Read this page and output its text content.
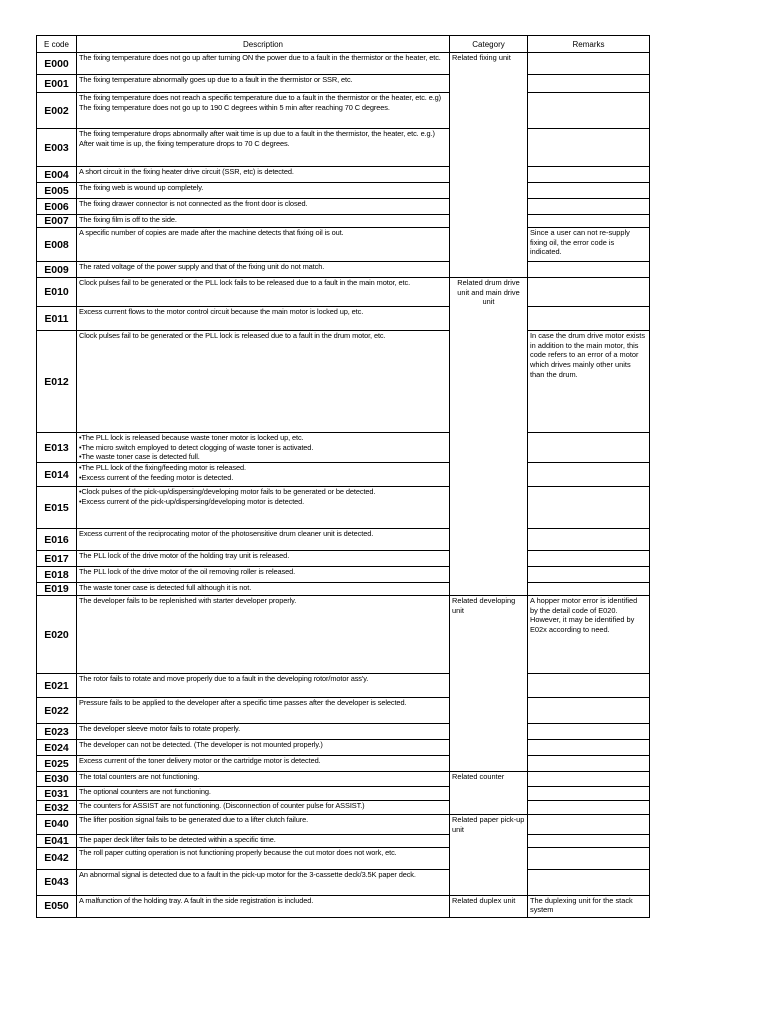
E code	Description	Category	Remarks
E000	The fixing temperature does not go up after turning ON the power due to a fault in the thermistor or the heater, etc.	Related fixing unit	
E001	The fixing temperature abnormally goes up due to a fault in the thermistor or SSR, etc.		
E002	The fixing temperature does not reach a specific temperature due to a fault in the thermistor or the heater, etc. e.g) The fixing temperature does not go up to 190 C degrees within 5 min after reaching 70 C degrees.		
E003	The fixing temperature drops abnormally after wait time is up due to a fault in the thermistor, the heater, etc. e.g.) After wait time is up, the fixing temperature drops to 70 C degrees.		
E004	A short circuit in the fixing heater drive circuit (SSR, etc) is detected.		
E005	The fixing web is wound up completely.		
E006	The fixing drawer connector is not connected as the front door is closed.		
E007	The fixing film is off to the side.		
E008	A specific number of copies are made after the machine detects that fixing oil is out.		Since a user can not re-supply fixing oil, the error code is indicated.
E009	The rated voltage of the power supply and that of the fixing unit do not match.		
E010	Clock pulses fail to be generated or the PLL lock fails to be released due to a fault in the main motor, etc.	Related drum drive unit and main drive unit	
E011	Excess current flows to the motor control circuit because the main motor is locked up, etc.		
E012	Clock pulses fail to be generated or the PLL lock is released due to a fault in the drum motor, etc.		In case the drum drive motor exists in addition to the main motor, this code refers to an error of a motor which drives mainly other units than the drum.
E013	•The PLL lock is released because waste toner motor is locked up, etc.
•The micro switch employed to detect clogging of waste toner is activated.
•The waste toner case is detected full.		
E014	•The PLL lock of the fixing/feeding motor is released.
•Excess current of the feeding motor is detected.		
E015	•Clock pulses of the pick-up/dispersing/developing motor fails to be generated or be detected.
•Excess current of the pick-up/dispersing/developing motor is detected.		
E016	Excess current of the reciprocating motor of the photosensitive drum cleaner unit is detected.		
E017	The PLL lock of the drive motor of the holding tray unit is released.		
E018	The PLL lock of the drive motor of the oil removing roller is released.		
E019	The waste toner case is detected full although it is not.		
E020	The developer fails to be replenished with starter developer properly.	Related developing unit	A hopper motor error is identified by the detail code of E020. However, it may be identified by E02x according to need.
E021	The rotor fails to rotate and move properly due to a fault in the developing rotor/motor ass'y.		
E022	Pressure fails to be applied to the developer after a specific time passes after the developer is selected.		
E023	The developer sleeve motor fails to rotate properly.		
E024	The developer can not be detected. (The developer is not mounted properly.)		
E025	Excess current of the toner delivery motor or the cartridge motor is detected.		
E030	The total counters are not functioning.	Related counter	
E031	The optional counters are not functioning.		
E032	The counters for ASSIST are not functioning. (Disconnection of counter pulse for ASSIST.)		
E040	The lifter position signal fails to be generated due to a lifter clutch failure.	Related paper pick-up unit	
E041	The paper deck lifter fails to be detected within a specific time.		
E042	The roll paper cutting operation is not functioning properly because the cut motor does not work, etc.		
E043	An abnormal signal is detected due to a fault in the pick-up motor for the 3-cassette deck/3.5K paper deck.		
E050	A malfunction of the holding tray. A fault in the side registration is included.	Related duplex unit	The duplexing unit for the stack system
